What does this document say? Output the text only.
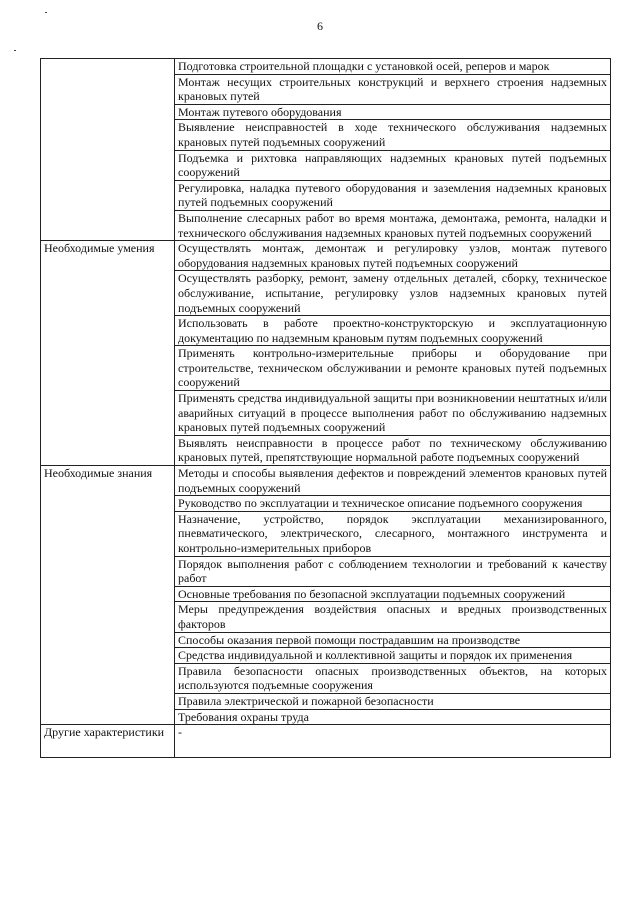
6
	Подготовка строительной площадки с установкой осей, реперов и марок
	Монтаж несущих строительных конструкций и верхнего строения надземных крановых путей
	Монтаж путевого оборудования
	Выявление неисправностей в ходе технического обслуживания надземных крановых путей подъемных сооружений
	Подъемка и рихтовка направляющих надземных крановых путей подъемных сооружений
	Регулировка, наладка путевого оборудования и заземления надземных крановых путей подъемных сооружений
	Выполнение слесарных работ во время монтажа, демонтажа, ремонта, наладки и технического обслуживания надземных крановых путей подъемных сооружений
Необходимые умения	Осуществлять монтаж, демонтаж и регулировку узлов, монтаж путевого оборудования надземных крановых путей подъемных сооружений
	Осуществлять разборку, ремонт, замену отдельных деталей, сборку, техническое обслуживание, испытание, регулировку узлов надземных крановых путей подъемных сооружений
	Использовать в работе проектно-конструкторскую и эксплуатационную документацию по надземным крановым путям подъемных сооружений
	Применять контрольно-измерительные приборы и оборудование при строительстве, техническом обслуживании и ремонте крановых путей подъемных сооружений
	Применять средства индивидуальной защиты при возникновении нештатных и/или аварийных ситуаций в процессе выполнения работ по обслуживанию надземных крановых путей подъемных сооружений
	Выявлять неисправности в процессе работ по техническому обслуживанию крановых путей, препятствующие нормальной работе подъемных сооружений
Необходимые знания	Методы и способы выявления дефектов и повреждений элементов крановых путей подъемных сооружений
	Руководство по эксплуатации и техническое описание подъемного сооружения
	Назначение, устройство, порядок эксплуатации механизированного, пневматического, электрического, слесарного, монтажного инструмента и контрольно-измерительных приборов
	Порядок выполнения работ с соблюдением технологии и требований к качеству работ
	Основные требования по безопасной эксплуатации подъемных сооружений
	Меры предупреждения воздействия опасных и вредных производственных факторов
	Способы оказания первой помощи пострадавшим на производстве
	Средства индивидуальной и коллективной защиты и порядок их применения
	Правила безопасности опасных производственных объектов, на которых используются подъемные сооружения
	Правила электрической и пожарной безопасности
	Требования охраны труда
Другие характеристики	-
